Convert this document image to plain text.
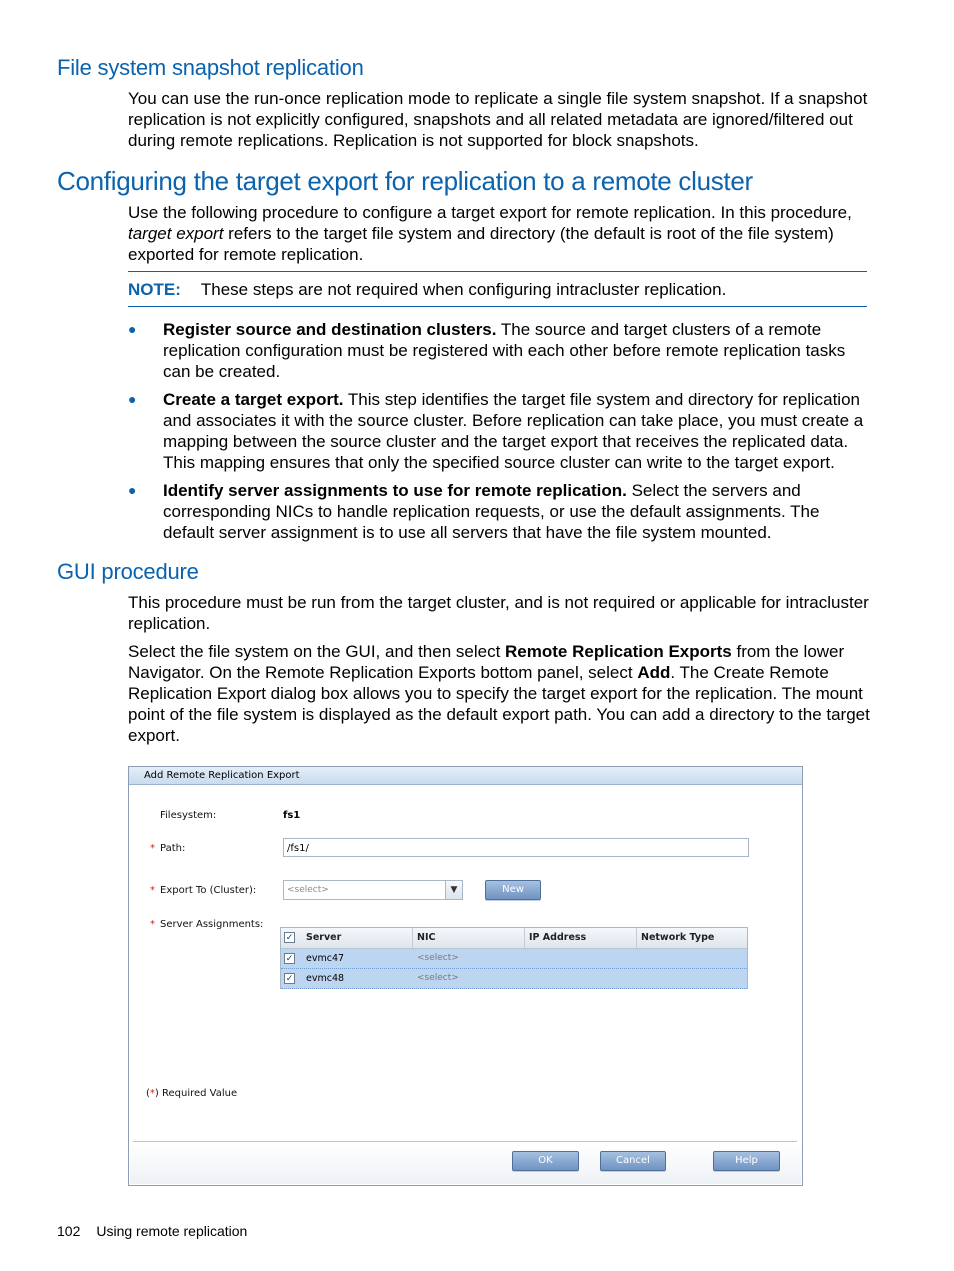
File system snapshot replication

You can use the run-once replication mode to replicate a single file system snapshot. If a snapshot replication is not explicitly configured, snapshots and all related metadata are ignored/filtered out during remote replications. Replication is not supported for block snapshots.

Configuring the target export for replication to a remote cluster

Use the following procedure to configure a target export for remote replication. In this procedure, target export refers to the target file system and directory (the default is root of the file system) exported for remote replication.

NOTE: These steps are not required when configuring intracluster replication.
● Register source and destination clusters. The source and target clusters of a remote replication configuration must be registered with each other before remote replication tasks can be created.
● Create a target export. This step identifies the target file system and directory for replication and associates it with the source cluster. Before replication can take place, you must create a mapping between the source cluster and the target export that receives the replicated data. This mapping ensures that only the specified source cluster can write to the target export.
● Identify server assignments to use for remote replication. Select the servers and corresponding NICs to handle replication requests, or use the default assignments. The default server assignment is to use all servers that have the file system mounted.
GUI procedure

This procedure must be run from the target cluster, and is not required or applicable for intracluster replication.

Select the file system on the GUI, and then select Remote Replication Exports from the lower Navigator. On the Remote Replication Exports bottom panel, select Add. The Create Remote Replication Export dialog box allows you to specify the target export for the replication. The mount point of the file system is displayed as the default export path. You can add a directory to the target export.

Add Remote Replication Export
Filesystem:	fs1
* Path:	/fs1/
* Export To (Cluster):	<select>	▼	New
* Server Assignments:
✓	Server	NIC	IP Address	Network Type
✓ evmc47	<select>
✓ evmc48	<select>
(*) Required Value
OK	Cancel	Help
102 Using remote replication
